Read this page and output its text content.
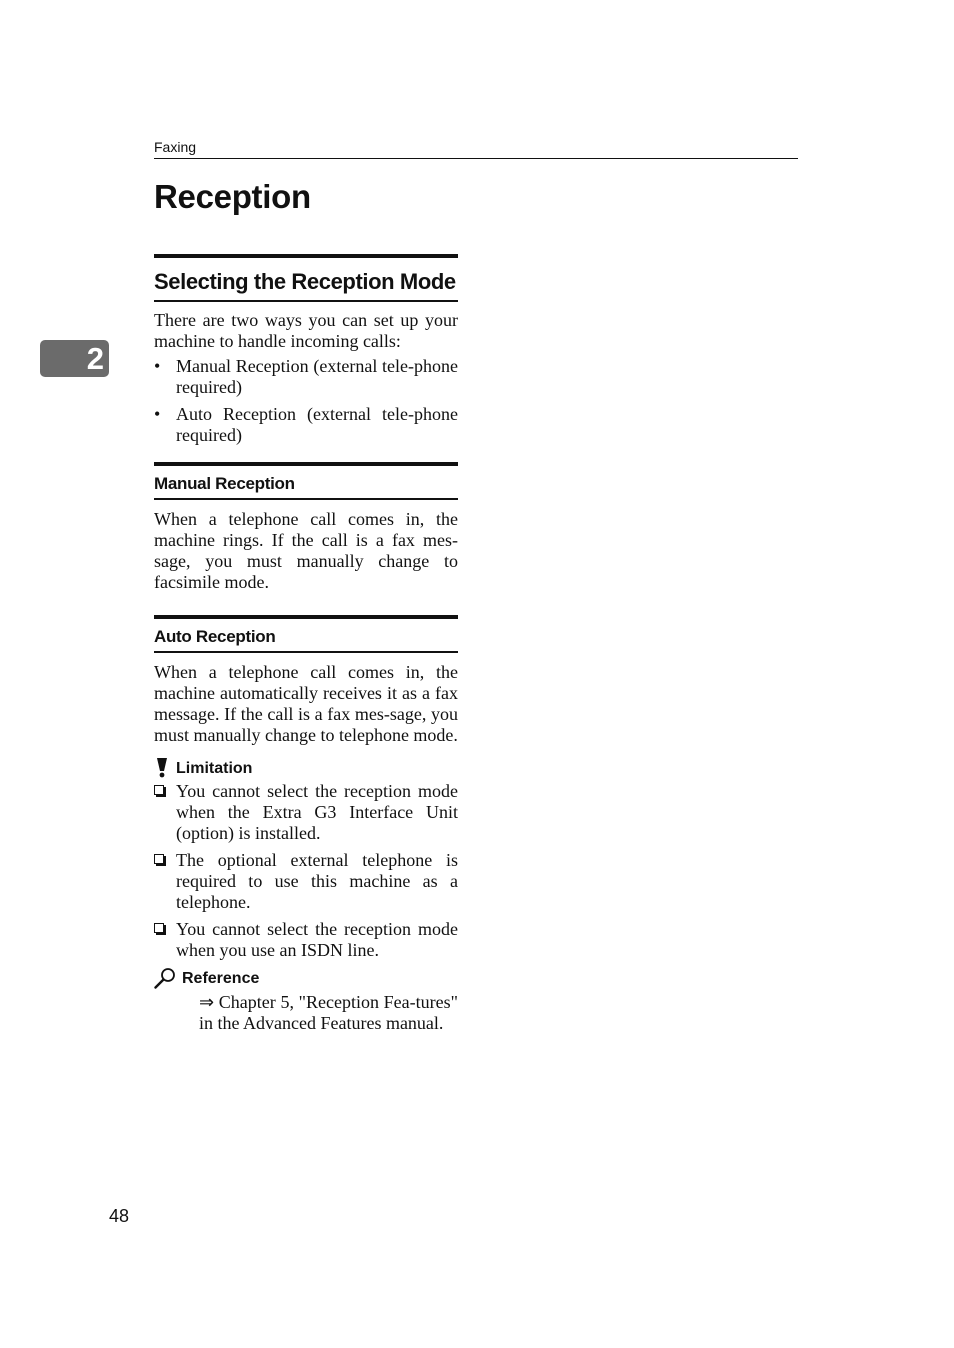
Faxing
Reception
2
Selecting the Reception Mode

There are two ways you can set up your machine to handle incoming calls:

• Manual Reception (external tele-phone required)
• Auto Reception (external tele-phone required)
Manual Reception

When a telephone call comes in, the machine rings. If the call is a fax mes-sage, you must manually change to facsimile mode.

Auto Reception

When a telephone call comes in, the machine automatically receives it as a fax message. If the call is a fax mes-sage, you must manually change to telephone mode.

Limitation
You cannot select the reception mode when the Extra G3 Interface Unit (option) is installed.
The optional external telephone is required to use this machine as a telephone.
You cannot select the reception mode when you use an ISDN line.
Reference
⇒ Chapter 5, "Reception Fea-tures" in the Advanced Features manual.
48
